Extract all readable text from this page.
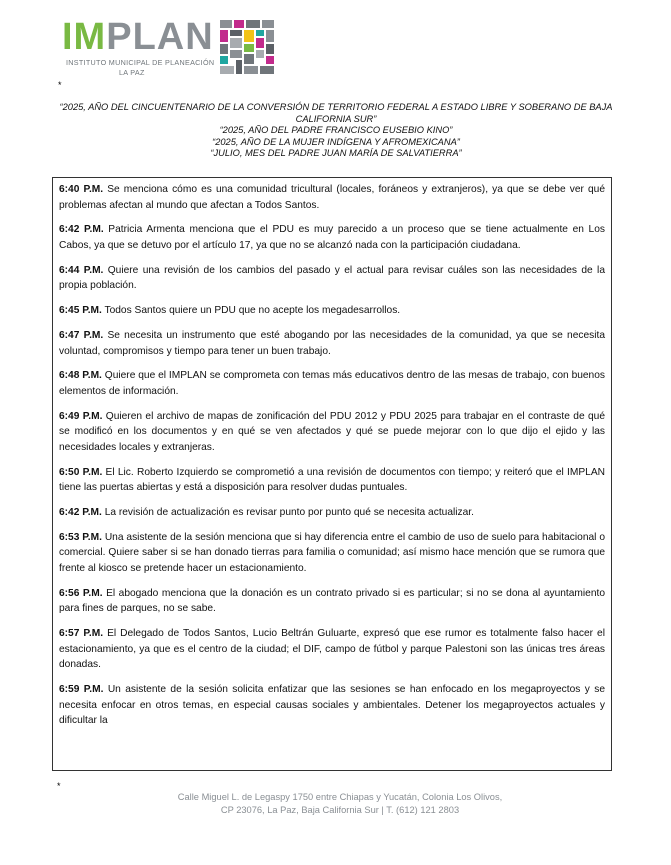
IMPLAN
INSTITUTO MUNICIPAL DE PLANEACIÓN
LA PAZ
*
“2025, AÑO DEL CINCUENTENARIO DE LA CONVERSIÓN DE TERRITORIO FEDERAL A ESTADO LIBRE Y SOBERANO DE BAJA CALIFORNIA SUR”
“2025, AÑO DEL PADRE FRANCISCO EUSEBIO KINO”
“2025, AÑO DE LA MUJER INDÍGENA Y AFROMEXICANA”
“JULIO, MES DEL PADRE JUAN MARÍA DE SALVATIERRA”

6:40 P.M. Se menciona cómo es una comunidad tricultural (locales, foráneos y extranjeros), ya que se debe ver qué problemas afectan al mundo que afectan a Todos Santos.

6:42 P.M. Patricia Armenta menciona que el PDU es muy parecido a un proceso que se tiene actualmente en Los Cabos, ya que se detuvo por el artículo 17, ya que no se alcanzó nada con la participación ciudadana.

6:44 P.M. Quiere una revisión de los cambios del pasado y el actual para revisar cuáles son las necesidades de la propia población.

6:45 P.M. Todos Santos quiere un PDU que no acepte los megadesarrollos.

6:47 P.M. Se necesita un instrumento que esté abogando por las necesidades de la comunidad, ya que se necesita voluntad, compromisos y tiempo para tener un buen trabajo.

6:48 P.M. Quiere que el IMPLAN se comprometa con temas más educativos dentro de las mesas de trabajo, con buenos elementos de información.

6:49 P.M. Quieren el archivo de mapas de zonificación del PDU 2012 y PDU 2025 para trabajar en el contraste de qué se modificó en los documentos y en qué se ven afectados y qué se puede mejorar con lo que dijo el ejido y las necesidades locales y extranjeras.

6:50 P.M. El Lic. Roberto Izquierdo se comprometió a una revisión de documentos con tiempo; y reiteró que el IMPLAN tiene las puertas abiertas y está a disposición para resolver dudas puntuales.

6:42 P.M. La revisión de actualización es revisar punto por punto qué se necesita actualizar.

6:53 P.M. Una asistente de la sesión menciona que si hay diferencia entre el cambio de uso de suelo para habitacional o comercial. Quiere saber si se han donado tierras para familia o comunidad; así mismo hace mención que se rumora que frente al kiosco se pretende hacer un estacionamiento.

6:56 P.M. El abogado menciona que la donación es un contrato privado si es particular; si no se dona al ayuntamiento para fines de parques, no se sabe.

6:57 P.M. El Delegado de Todos Santos, Lucio Beltrán Guluarte, expresó que ese rumor es totalmente falso hacer el estacionamiento, ya que es el centro de la ciudad; el DIF, campo de fútbol y parque Palestoni son las únicas tres áreas donadas.

6:59 P.M. Un asistente de la sesión solicita enfatizar que las sesiones se han enfocado en los megaproyectos y se necesita enfocar en otros temas, en especial causas sociales y ambientales. Detener los megaproyectos actuales y dificultar la

*
Calle Miguel L. de Legaspy 1750 entre Chiapas y Yucatán, Colonia Los Olivos,
CP 23076, La Paz, Baja California Sur | T. (612) 121 2803
